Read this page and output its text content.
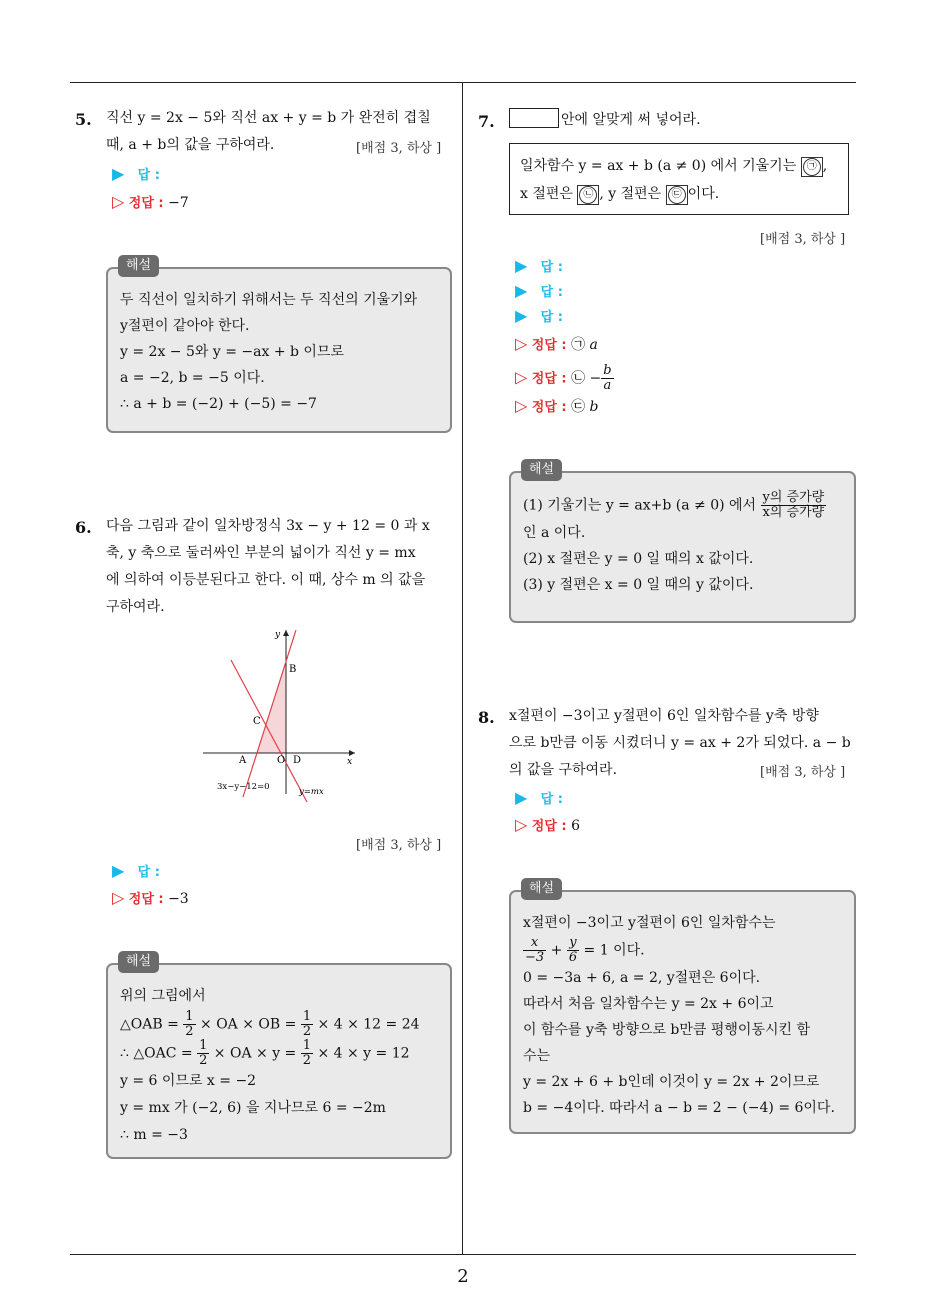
5. 직선 y = 2x − 5와 직선 ax + y = b 가 완전히 겹칠
때, a + b의 값을 구하여라.	[배점 3, 하상 ]
▶ 답 :
▷ 정답 : −7
해설
두 직선이 일치하기 위해서는 두 직선의 기울기와
y절편이 같아야 한다.
y = 2x − 5와 y = −ax + b 이므로
a = −2, b = −5 이다.
∴ a + b = (−2) + (−5) = −7
6. 다음 그림과 같이 일차방정식 3x − y + 12 = 0 과 x
축, y 축으로 둘러싸인 부분의 넓이가 직선 y = mx
에 의하여 이등분된다고 한다. 이 때, 상수 m 의 값을
구하여라.
y
x
B
C
A	O D
3x−y−12=0	y=mx
[배점 3, 하상 ]
▶ 답 :
▷ 정답 : −3
해설
위의 그림에서
△OAB = $\frac{1}{2}$ × OA × OB = $\frac{1}{2} \times 4 \times 12 = 24$
∴ △OAC = $\frac{1}{2}$ × OA × $y = \frac{1}{2} \times 4 \times y = 12$
y = 6 이므로 x = −2
y = mx 가 (−2, 6) 을 지나므로 6 = −2m
∴ m = −3
7.	안에 알맞게 써 넣어라.
일차함수 y = ax + b (a ≠ 0) 에서 기울기는 ㉠ ,
x 절편은 ㉡ , y 절편은 ㉢ 이다.
[배점 3, 하상 ]
▶ 답 :
▶ 답 :
▶ 답 :
▷ 정답 : ㉠ a
▷ 정답 : ㉡ − $\frac{b}{a}$
▷ 정답 : ㉢ b
해설
(1) 기울기는 y = ax+b (a ≠ 0) 에서 $\frac{\text{y의 증가량}}{\text{x의 증가량}}$
인 a 이다.
(2) x 절편은 y = 0 일 때의 x 값이다.
(3) y 절편은 x = 0 일 때의 y 값이다.
8. x절편이 −3이고 y절편이 6인 일차함수를 y축 방향
으로 b만큼 이동 시켰더니 y = ax + 2가 되었다. a − b
의 값을 구하여라.	[배점 3, 하상 ]
▶ 답 :
▷ 정답 : 6
해설
x절편이 −3이고 y절편이 6인 일차함수는
$\frac{x}{-3} + \frac{y}{6} = 1$ 이다.
0 = −3a + 6, a = 2, y절편은 6이다.
따라서 처음 일차함수는 y = 2x + 6이고
이 함수를 y축 방향으로 b만큼 평행이동시킨 함
수는
y = 2x + 6 + b인데 이것이 y = 2x + 2이므로
b = −4이다. 따라서 a − b = 2 − (−4) = 6이다.
2
